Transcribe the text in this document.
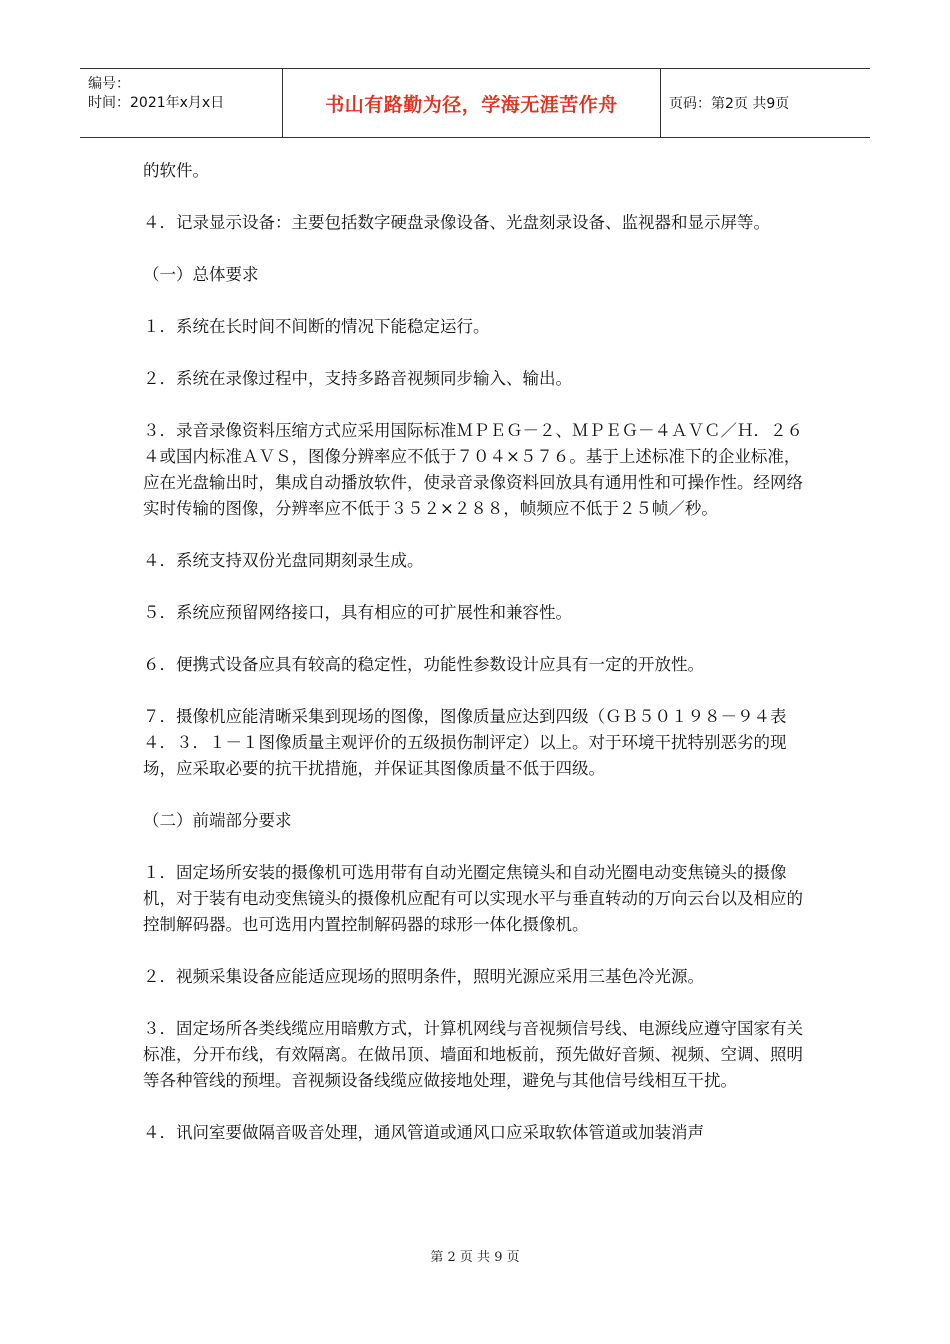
编号：
时间：2021年x月x日	书山有路勤为径，学海无涯苦作舟	页码：第2页 共9页

的软件。

４．记录显示设备：主要包括数字硬盘录像设备、光盘刻录设备、监视器和显示屏等。

（一）总体要求

１．系统在长时间不间断的情况下能稳定运行。

２．系统在录像过程中，支持多路音视频同步输入、输出。

３．录音录像资料压缩方式应采用国际标准ＭＰＥＧ－２、ＭＰＥＧ－４ＡＶＣ／Ｈ．２６４或国内标准ＡＶＳ，图像分辨率应不低于７０４×５７６。基于上述标准下的企业标准，应在光盘输出时，集成自动播放软件，使录音录像资料回放具有通用性和可操作性。经网络实时传输的图像，分辨率应不低于３５２×２８８，帧频应不低于２５帧／秒。

４．系统支持双份光盘同期刻录生成。

５．系统应预留网络接口，具有相应的可扩展性和兼容性。

６．便携式设备应具有较高的稳定性，功能性参数设计应具有一定的开放性。

７．摄像机应能清晰采集到现场的图像，图像质量应达到四级（ＧＢ５０１９８－９４表４．３．１－１图像质量主观评价的五级损伤制评定）以上。对于环境干扰特别恶劣的现场，应采取必要的抗干扰措施，并保证其图像质量不低于四级。

（二）前端部分要求

１．固定场所安装的摄像机可选用带有自动光圈定焦镜头和自动光圈电动变焦镜头的摄像机，对于装有电动变焦镜头的摄像机应配有可以实现水平与垂直转动的万向云台以及相应的控制解码器。也可选用内置控制解码器的球形一体化摄像机。

２．视频采集设备应能适应现场的照明条件，照明光源应采用三基色冷光源。

３．固定场所各类线缆应用暗敷方式，计算机网线与音视频信号线、电源线应遵守国家有关标准，分开布线，有效隔离。在做吊顶、墙面和地板前，预先做好音频、视频、空调、照明等各种管线的预埋。音视频设备线缆应做接地处理，避免与其他信号线相互干扰。

４．讯问室要做隔音吸音处理，通风管道或通风口应采取软体管道或加装消声

第 2 页 共 9 页
